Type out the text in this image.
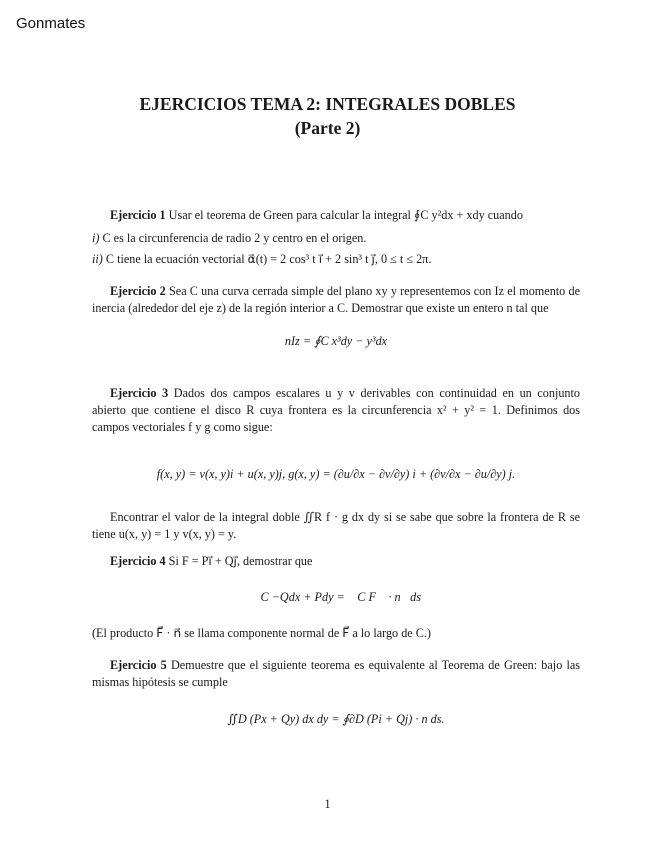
Gonmates
EJERCICIOS TEMA 2: INTEGRALES DOBLES
(Parte 2)
Ejercicio 1 Usar el teorema de Green para calcular la integral ∮C y²dx + xdy cuando
i) C es la circunferencia de radio 2 y centro en el origen.
ii) C tiene la ecuación vectorial α⃗(t) = 2 cos³ t i⃗ + 2 sin³ t j⃗, 0 ≤ t ≤ 2π.
Ejercicio 2 Sea C una curva cerrada simple del plano xy y representemos con Iz el momento de inercia (alrededor del eje z) de la región interior a C. Demostrar que existe un entero n tal que
nIz = ∮C x³dy − y³dx
Ejercicio 3 Dados dos campos escalares u y v derivables con continuidad en un conjunto abierto que contiene el disco R cuya frontera es la circunferencia x² + y² = 1. Definimos dos campos vectoriales f y g como sigue:
f(x, y) = v(x, y)i + u(x, y)j, g(x, y) = (∂u/∂x − ∂v/∂y) i + (∂v/∂x − ∂u/∂y) j.
Encontrar el valor de la integral doble ∬R f · g dx dy si se sabe que sobre la frontera de R se tiene u(x, y) = 1 y v(x, y) = y.
Ejercicio 4 Si F = Pi⃗ + Qj⃗, demostrar que
∮C −Qdx + Pdy = ∮C F⃗ · n⃗ds
(El producto F⃗ · n⃗ se llama componente normal de F⃗ a lo largo de C.)
Ejercicio 5 Demuestre que el siguiente teorema es equivalente al Teorema de Green: bajo las mismas hipótesis se cumple
∬D (Px + Qy) dx dy = ∮∂D (Pi + Qj) · n ds.
1
